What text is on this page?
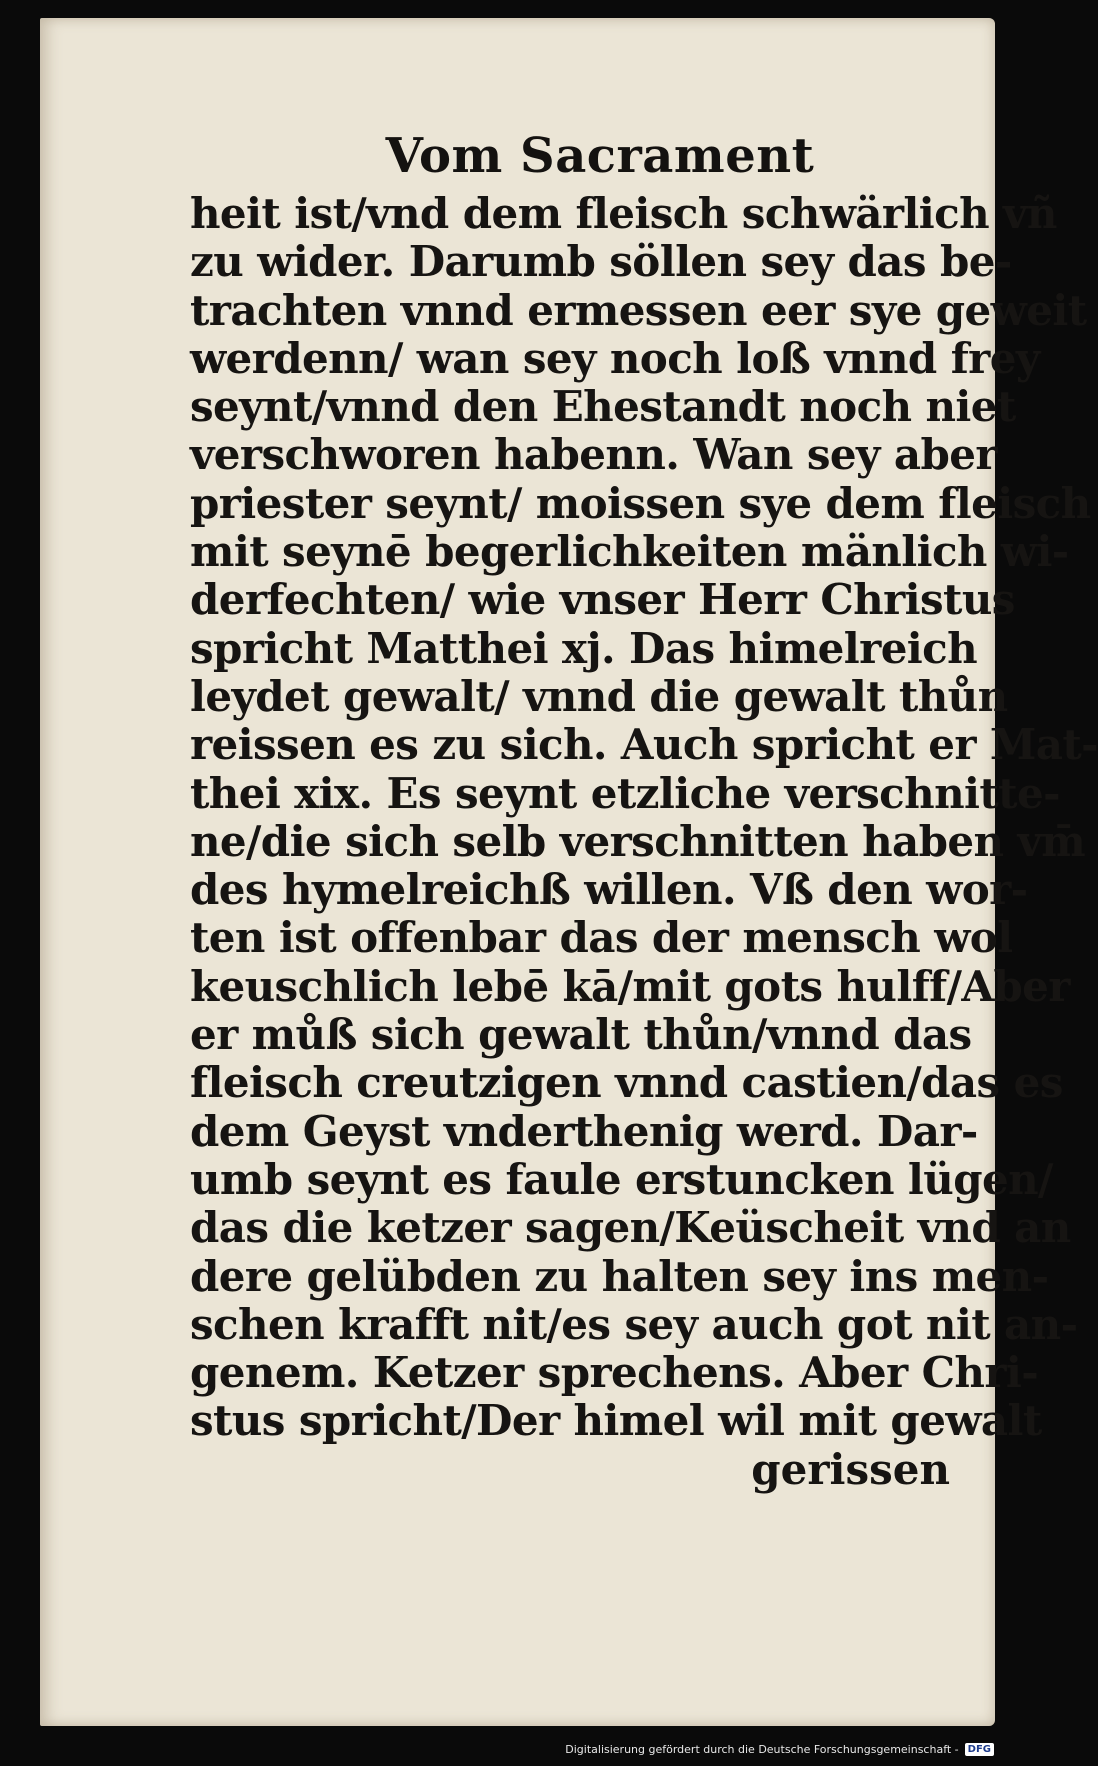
Vom Sacrament
heit ist/vnd dem fleisch schwärlich vñ
zu wider. Darumb söllen sey das be-
trachten vnnd ermessen eer sye geweit
werdenn/ wan sey noch loß vnnd frey
seynt/vnnd den Ehestandt noch niet
verschworen habenn. Wan sey aber
priester seynt/ moissen sye dem fleisch
mit seynē begerlichkeiten mänlich wi-
derfechten/ wie vnser Herr Christus
spricht Matthei xj. Das himelreich
leydet gewalt/ vnnd die gewalt thůn
reissen es zu sich. Auch spricht er Mat-
thei xix. Es seynt etzliche verschnitte-
ne/die sich selb verschnitten haben vm̄
des hymelreichß willen. Vß den wor-
ten ist offenbar das der mensch wol
keuschlich lebē kā/mit gots hulff/Aber
er můß sich gewalt thůn/vnnd das
fleisch creutzigen vnnd castien/das es
dem Geyst vnderthenig werd. Dar-
umb seynt es faule erstuncken lügen/
das die ketzer sagen/Keüscheit vnd an
dere gelübden zu halten sey ins men-
schen krafft nit/es sey auch got nit an-
genem. Ketzer sprechens. Aber Chri-
stus spricht/Der himel wil mit gewalt
gerissen
Digitalisierung gefördert durch die Deutsche Forschungsgemeinschaft - DFG
